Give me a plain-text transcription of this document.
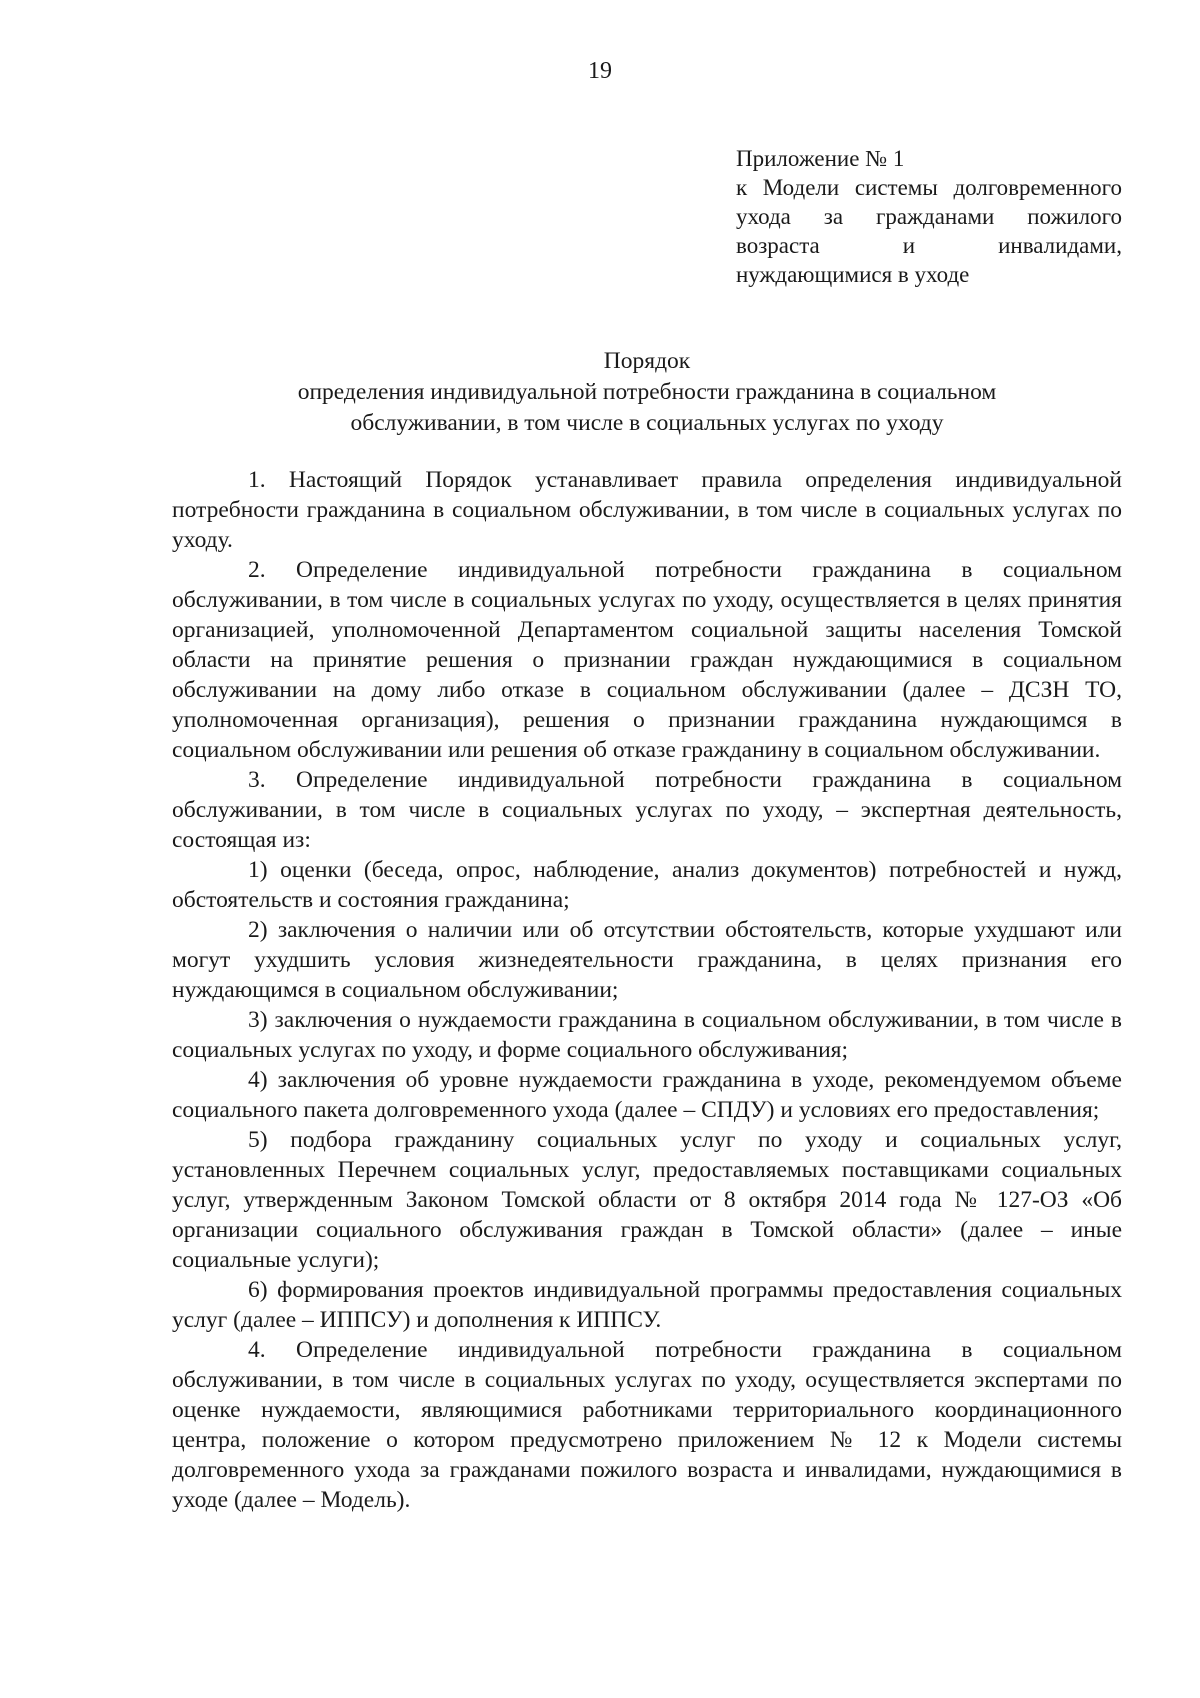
19
Приложение № 1
к Модели системы долговременного
ухода за гражданами пожилого
возраста и инвалидами,
нуждающимися в уходе
Порядок
определения индивидуальной потребности гражданина в социальном
обслуживании, в том числе в социальных услугах по уходу

1. Настоящий Порядок устанавливает правила определения индивидуальной потребности гражданина в социальном обслуживании, в том числе в социальных услугах по уходу.

2. Определение индивидуальной потребности гражданина в социальном обслуживании, в том числе в социальных услугах по уходу, осуществляется в целях принятия организацией, уполномоченной Департаментом социальной защиты населения Томской области на принятие решения о признании граждан нуждающимися в социальном обслуживании на дому либо отказе в социальном обслуживании (далее – ДСЗН ТО, уполномоченная организация), решения о признании гражданина нуждающимся в социальном обслуживании или решения об отказе гражданину в социальном обслуживании.

3. Определение индивидуальной потребности гражданина в социальном обслуживании, в том числе в социальных услугах по уходу, – экспертная деятельность, состоящая из:

1) оценки (беседа, опрос, наблюдение, анализ документов) потребностей и нужд, обстоятельств и состояния гражданина;

2) заключения о наличии или об отсутствии обстоятельств, которые ухудшают или могут ухудшить условия жизнедеятельности гражданина, в целях признания его нуждающимся в социальном обслуживании;

3) заключения о нуждаемости гражданина в социальном обслуживании, в том числе в социальных услугах по уходу, и форме социального обслуживания;

4) заключения об уровне нуждаемости гражданина в уходе, рекомендуемом объеме социального пакета долговременного ухода (далее – СПДУ) и условиях его предоставления;

5) подбора гражданину социальных услуг по уходу и социальных услуг, установленных Перечнем социальных услуг, предоставляемых поставщиками социальных услуг, утвержденным Законом Томской области от 8 октября 2014 года № 127-ОЗ «Об организации социального обслуживания граждан в Томской области» (далее – иные социальные услуги);

6) формирования проектов индивидуальной программы предоставления социальных услуг (далее – ИППСУ) и дополнения к ИППСУ.

4. Определение индивидуальной потребности гражданина в социальном обслуживании, в том числе в социальных услугах по уходу, осуществляется экспертами по оценке нуждаемости, являющимися работниками территориального координационного центра, положение о котором предусмотрено приложением № 12 к Модели системы долговременного ухода за гражданами пожилого возраста и инвалидами, нуждающимися в уходе (далее – Модель).
